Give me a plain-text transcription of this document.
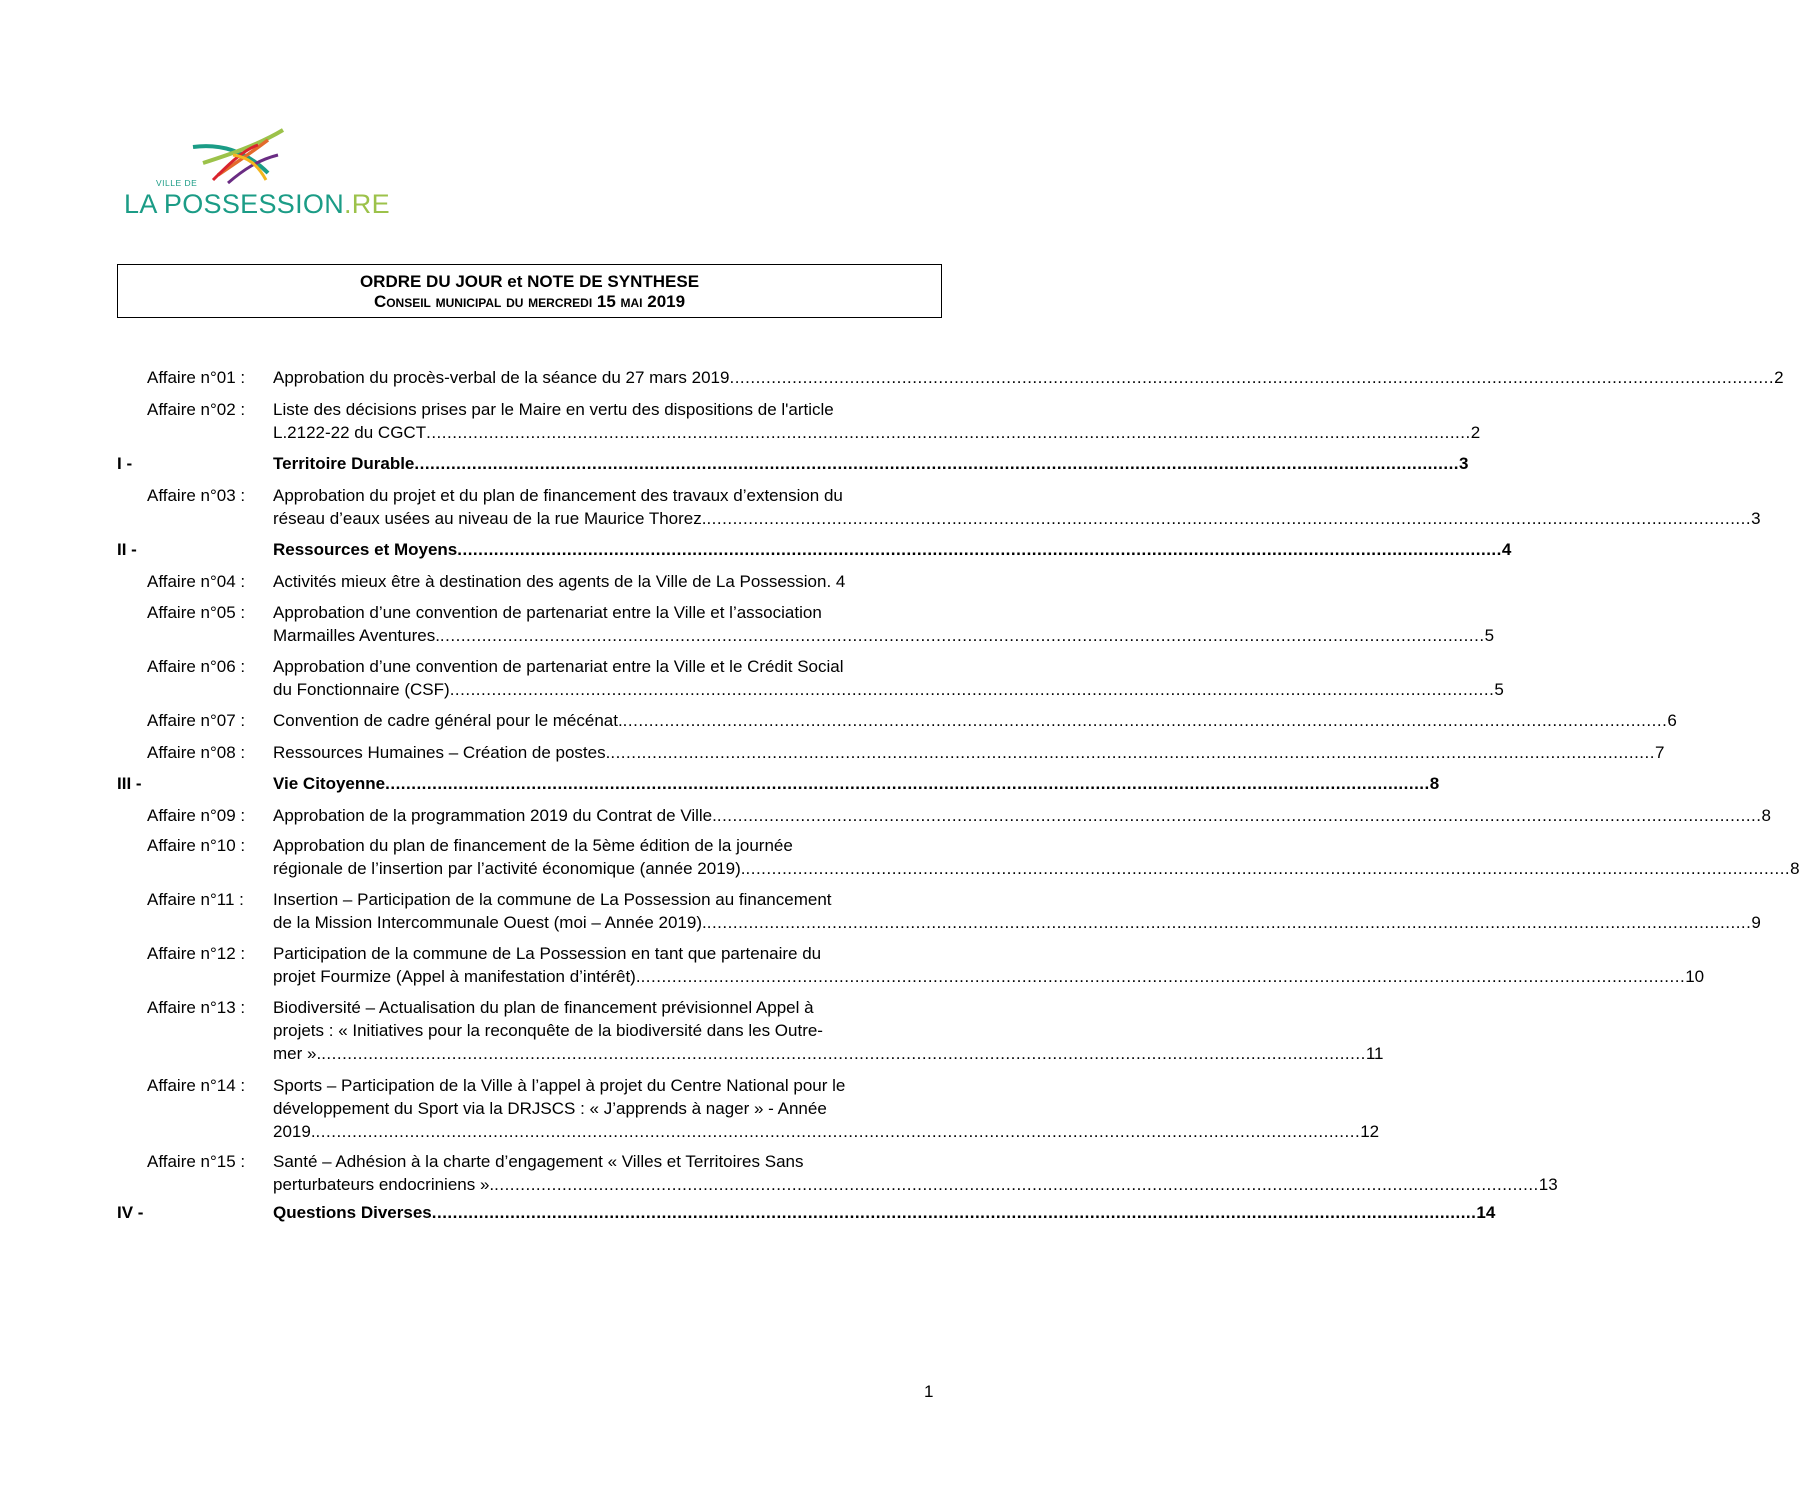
VILLE DE
LA POSSESSION.RE
ORDRE DU JOUR et NOTE DE SYNTHESE
Conseil municipal du mercredi 15 mai 2019
Affaire n°01 : Approbation du procès-verbal de la séance du 27 mars 2019 ........................................................................................................................................................................................................ 2
Affaire n°02 : Liste des décisions prises par le Maire en vertu des dispositions de l'article
L.2122-22 du CGCT ........................................................................................................................................................................................................ 2
I -	Territoire Durable ........................................................................................................................................................................................................ 3
Affaire n°03 : Approbation du projet et du plan de financement des travaux d’extension du
réseau d’eaux usées au niveau de la rue Maurice Thorez. ........................................................................................................................................................................................................ 3
II -	Ressources et Moyens ........................................................................................................................................................................................................ 4
Affaire n°04 : Activités mieux être à destination des agents de la Ville de La Possession. 4
Affaire n°05 : Approbation d’une convention de partenariat entre la Ville et l’association
Marmailles Aventures. ........................................................................................................................................................................................................ 5
Affaire n°06 : Approbation d’une convention de partenariat entre la Ville et le Crédit Social
du Fonctionnaire (CSF) ........................................................................................................................................................................................................ 5
Affaire n°07 : Convention de cadre général pour le mécénat. ........................................................................................................................................................................................................ 6
Affaire n°08 : Ressources Humaines – Création de postes. ........................................................................................................................................................................................................ 7
III -	Vie Citoyenne ........................................................................................................................................................................................................ 8
Affaire n°09 : Approbation de la programmation 2019 du Contrat de Ville. ........................................................................................................................................................................................................ 8
Affaire n°10 : Approbation du plan de financement de la 5ème édition de la journée
régionale de l’insertion par l’activité économique (année 2019). ........................................................................................................................................................................................................ 8
Affaire n°11 : Insertion – Participation de la commune de La Possession au financement
de la Mission Intercommunale Ouest (moi – Année 2019). ........................................................................................................................................................................................................ 9
Affaire n°12 : Participation de la commune de La Possession en tant que partenaire du
projet Fourmize (Appel à manifestation d’intérêt). ........................................................................................................................................................................................................ 10
Affaire n°13 : Biodiversité – Actualisation du plan de financement prévisionnel Appel à
projets : « Initiatives pour la reconquête de la biodiversité dans les Outre-
mer ». ........................................................................................................................................................................................................ 11
Affaire n°14 : Sports – Participation de la Ville à l’appel à projet du Centre National pour le
développement du Sport via la DRJSCS : « J’apprends à nager » - Année
2019. ........................................................................................................................................................................................................ 12
Affaire n°15 : Santé – Adhésion à la charte d’engagement « Villes et Territoires Sans
perturbateurs endocriniens ». ........................................................................................................................................................................................................ 13
IV -	Questions Diverses ........................................................................................................................................................................................................ 14
1
